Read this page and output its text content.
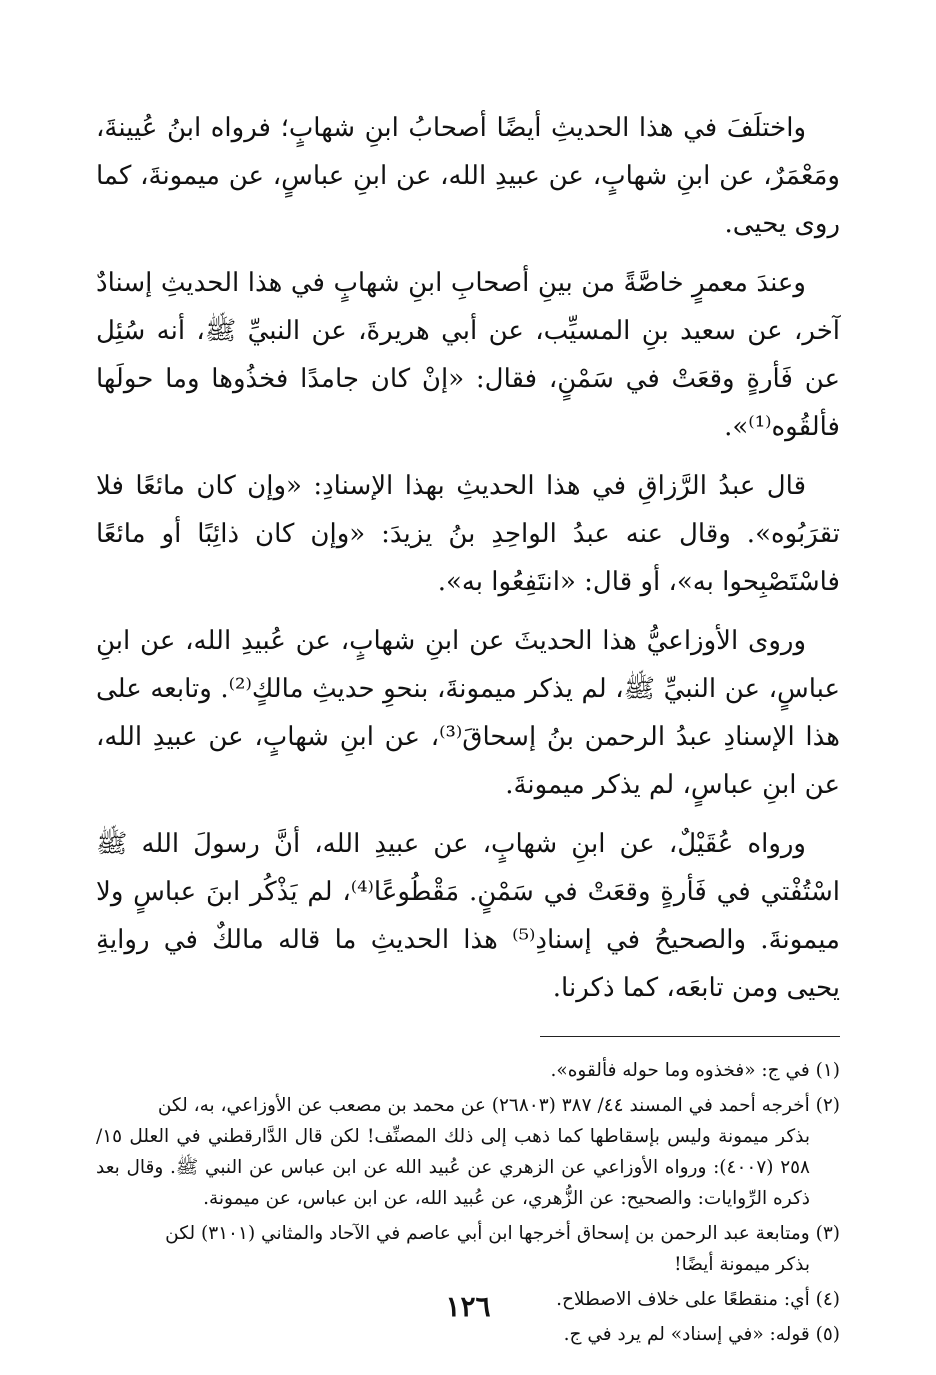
واختلَفَ في هذا الحديثِ أيضًا أصحابُ ابنِ شهابٍ؛ فرواه ابنُ عُيينةَ، ومَعْمَرٌ، عن ابنِ شهابٍ، عن عبيدِ الله، عن ابنِ عباسٍ، عن ميمونةَ، كما روى يحيى.

وعندَ معمرٍ خاصَّةً من بينِ أصحابِ ابنِ شهابٍ في هذا الحديثِ إسنادٌ آخر، عن سعيد بنِ المسيِّب، عن أبي هريرةَ، عن النبيِّ ﷺ، أنه سُئِل عن فَأرةٍ وقعَتْ في سَمْنٍ، فقال: «إنْ كان جامدًا فخذُوها وما حولَها فألقُوه⁽¹⁾».

قال عبدُ الرَّزاقِ في هذا الحديثِ بهذا الإسنادِ: «وإن كان مائعًا فلا تقرَبُوه». وقال عنه عبدُ الواحِدِ بنُ يزيدَ: «وإن كان ذائِبًا أو مائعًا فاسْتَصْبِحوا به»، أو قال: «انتَفِعُوا به».

وروى الأوزاعيُّ هذا الحديثَ عن ابنِ شهابٍ، عن عُبيدِ الله، عن ابنِ عباسٍ، عن النبيِّ ﷺ، لم يذكر ميمونةَ، بنحوِ حديثِ مالكٍ⁽²⁾. وتابعه على هذا الإسنادِ عبدُ الرحمن بنُ إسحاقَ⁽³⁾، عن ابنِ شهابٍ، عن عبيدِ الله، عن ابنِ عباسٍ، لم يذكر ميمونةَ.

ورواه عُقَيْلٌ، عن ابنِ شهابٍ، عن عبيدِ الله، أنَّ رسولَ الله ﷺ اسْتُفْتي في فَأرةٍ وقعَتْ في سَمْنٍ. مَقْطُوعًا⁽⁴⁾، لم يَذْكُر ابنَ عباسٍ ولا ميمونةَ. والصحيحُ في إسنادِ⁽⁵⁾ هذا الحديثِ ما قاله مالكٌ في روايةِ يحيى ومن تابعَه، كما ذكرنا.

(١) في ج: «فخذوه وما حوله فألقوه».

(٢) أخرجه أحمد في المسند ٤٤/ ٣٨٧ (٢٦٨٠٣) عن محمد بن مصعب عن الأوزاعي، به، لكن
بذكر ميمونة وليس بإسقاطها كما ذهب إلى ذلك المصنِّف! لكن قال الدَّارقطني في العلل ١٥/ ٢٥٨ (٤٠٠٧): ورواه الأوزاعي عن الزهري عن عُبيد الله عن ابن عباس عن النبي ﷺ. وقال بعد ذكره الرِّوايات: والصحيح: عن الزُّهري، عن عُبيد الله، عن ابن عباس، عن ميمونة.

(٣) ومتابعة عبد الرحمن بن إسحاق أخرجها ابن أبي عاصم في الآحاد والمثاني (٣١٠١) لكن
بذكر ميمونة أيضًا!

(٤) أي: منقطعًا على خلاف الاصطلاح.

(٥) قوله: «في إسناد» لم يرد في ج.

١٢٦
